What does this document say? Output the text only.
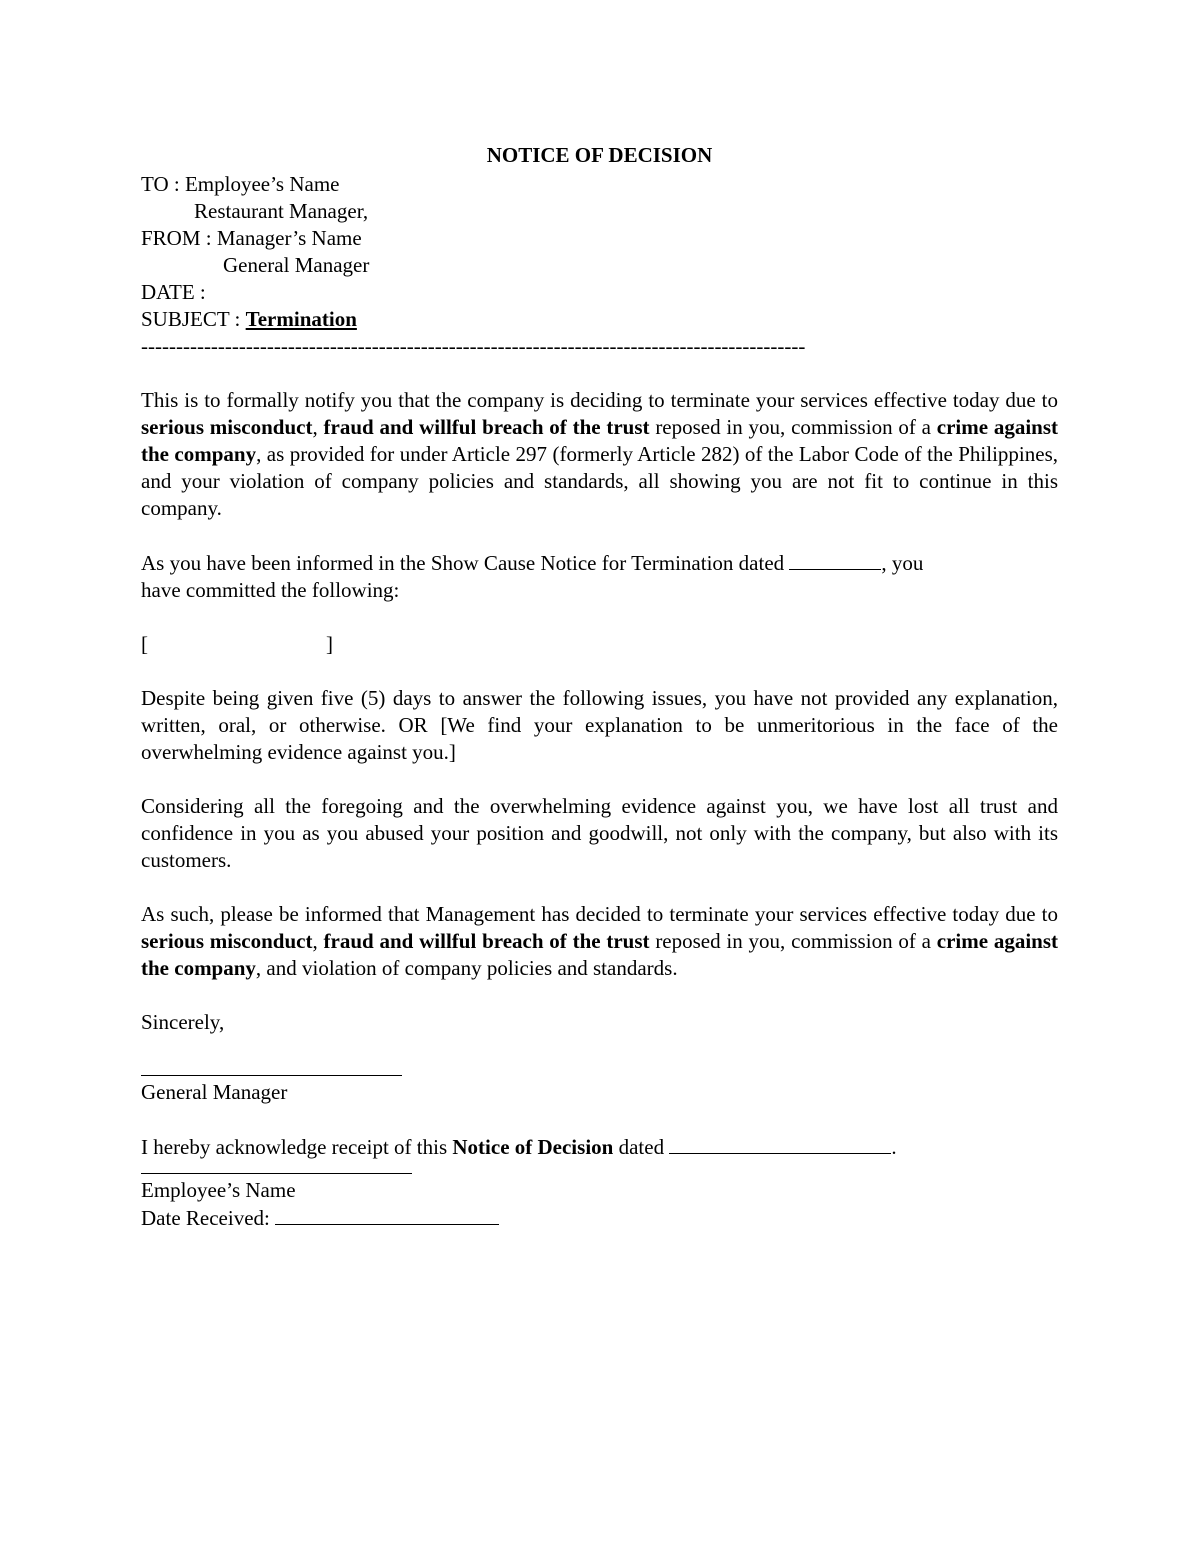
NOTICE OF DECISION

TO : Employee’s Name

Restaurant Manager,

FROM : Manager’s Name

General Manager

DATE :

SUBJECT : Termination

-----------------------------------------------------------------------------------------------

This is to formally notify you that the company is deciding to terminate your services effective today due to serious misconduct, fraud and willful breach of the trust reposed in you, commission of a crime against the company, as provided for under Article 297 (formerly Article 282) of the Labor Code of the Philippines, and your violation of company policies and standards, all showing you are not fit to continue in this company.

As you have been informed in the Show Cause Notice for Termination dated	, you

have committed the following:

[	]

Despite being given five (5) days to answer the following issues, you have not provided any explanation, written, oral, or otherwise. OR [We find your explanation to be unmeritorious in the face of the overwhelming evidence against you.]

Considering all the foregoing and the overwhelming evidence against you, we have lost all trust and confidence in you as you abused your position and goodwill, not only with the company, but also with its customers.

As such, please be informed that Management has decided to terminate your services effective today due to serious misconduct, fraud and willful breach of the trust reposed in you, commission of a crime against the company, and violation of company policies and standards.

Sincerely,

General Manager

I hereby acknowledge receipt of this Notice of Decision dated	.

Employee’s Name

Date Received:
